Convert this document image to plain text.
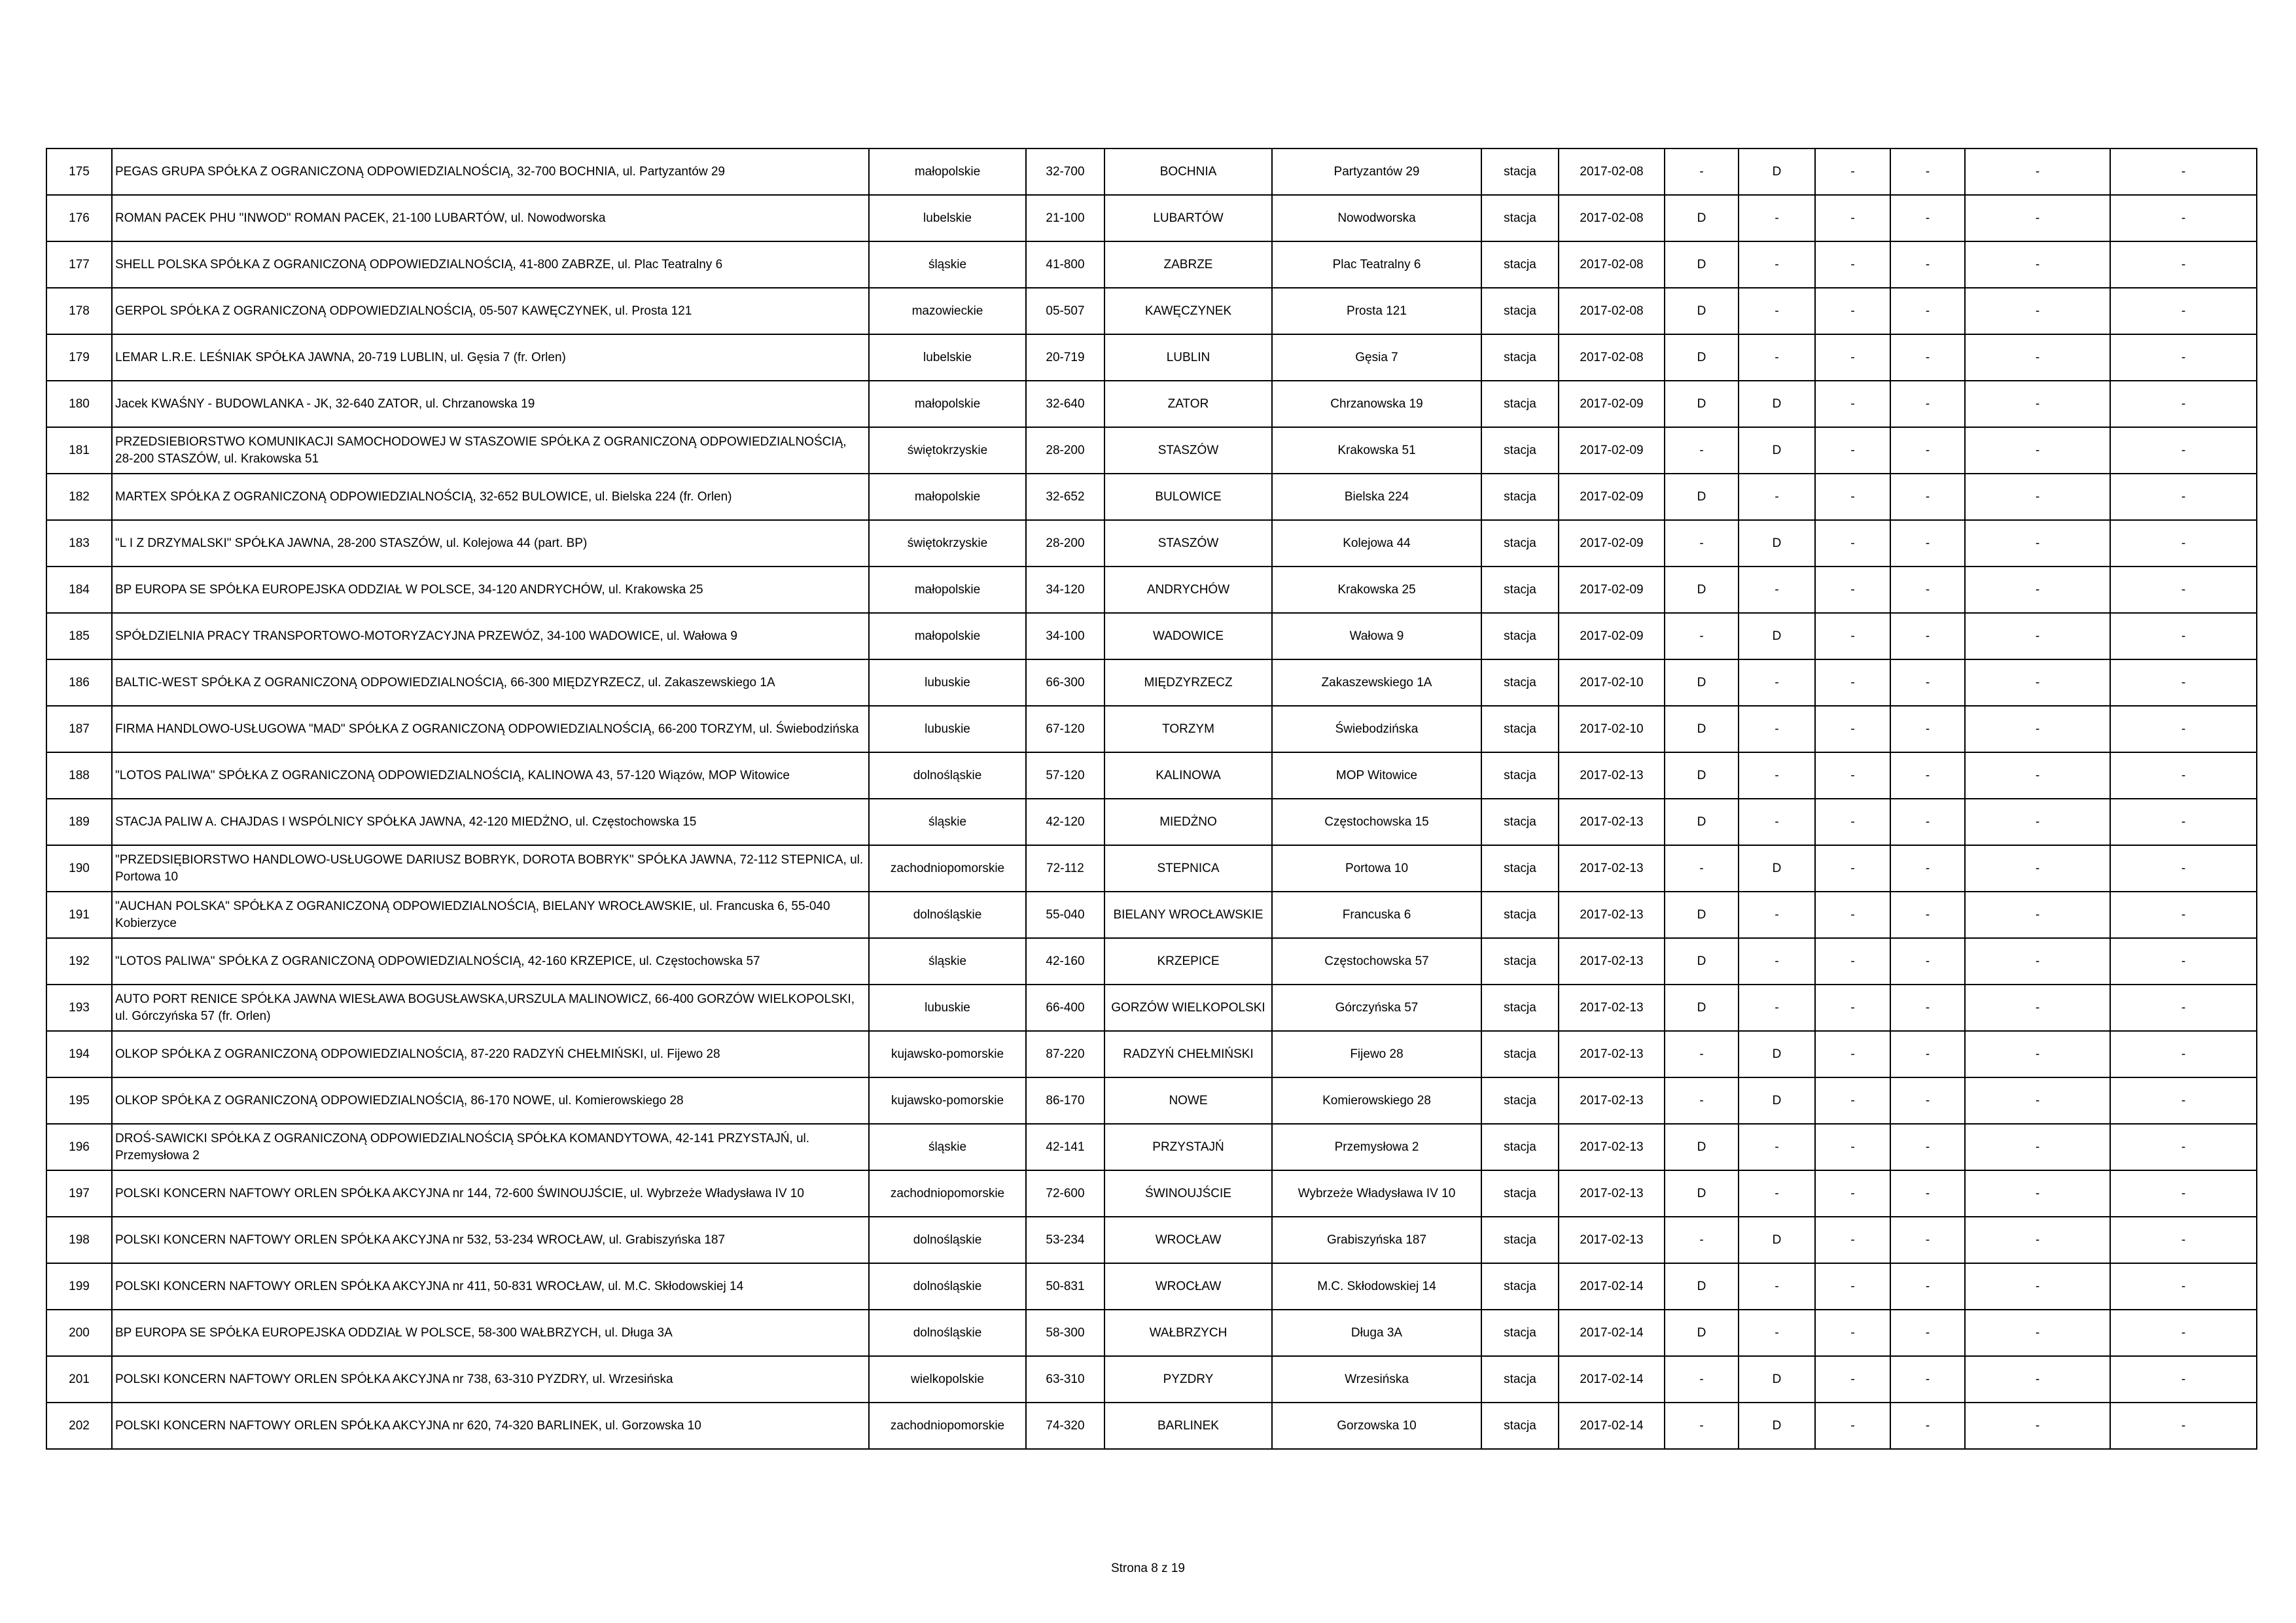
175	PEGAS GRUPA SPÓŁKA Z OGRANICZONĄ ODPOWIEDZIALNOŚCIĄ, 32-700 BOCHNIA, ul. Partyzantów 29	małopolskie	32-700	BOCHNIA	Partyzantów 29	stacja	2017-02-08	-	D	-	-	-	-
176	ROMAN PACEK PHU "INWOD" ROMAN PACEK, 21-100 LUBARTÓW, ul. Nowodworska	lubelskie	21-100	LUBARTÓW	Nowodworska	stacja	2017-02-08	D	-	-	-	-	-
177	SHELL POLSKA SPÓŁKA Z OGRANICZONĄ ODPOWIEDZIALNOŚCIĄ, 41-800 ZABRZE, ul. Plac Teatralny 6	śląskie	41-800	ZABRZE	Plac Teatralny 6	stacja	2017-02-08	D	-	-	-	-	-
178	GERPOL SPÓŁKA Z OGRANICZONĄ ODPOWIEDZIALNOŚCIĄ, 05-507 KAWĘCZYNEK, ul. Prosta 121	mazowieckie	05-507	KAWĘCZYNEK	Prosta 121	stacja	2017-02-08	D	-	-	-	-	-
179	LEMAR L.R.E. LEŚNIAK SPÓŁKA JAWNA, 20-719 LUBLIN, ul. Gęsia 7 (fr. Orlen)	lubelskie	20-719	LUBLIN	Gęsia 7	stacja	2017-02-08	D	-	-	-	-	-
180	Jacek KWAŚNY - BUDOWLANKA - JK, 32-640 ZATOR, ul. Chrzanowska 19	małopolskie	32-640	ZATOR	Chrzanowska 19	stacja	2017-02-09	D	D	-	-	-	-
181	PRZEDSIEBIORSTWO KOMUNIKACJI SAMOCHODOWEJ W STASZOWIE SPÓŁKA Z OGRANICZONĄ ODPOWIEDZIALNOŚCIĄ, 28-200 STASZÓW, ul. Krakowska 51	świętokrzyskie	28-200	STASZÓW	Krakowska 51	stacja	2017-02-09	-	D	-	-	-	-
182	MARTEX SPÓŁKA Z OGRANICZONĄ ODPOWIEDZIALNOŚCIĄ, 32-652 BULOWICE, ul. Bielska 224 (fr. Orlen)	małopolskie	32-652	BULOWICE	Bielska 224	stacja	2017-02-09	D	-	-	-	-	-
183	"L I Z DRZYMALSKI" SPÓŁKA JAWNA, 28-200 STASZÓW, ul. Kolejowa 44 (part. BP)	świętokrzyskie	28-200	STASZÓW	Kolejowa 44	stacja	2017-02-09	-	D	-	-	-	-
184	BP EUROPA SE SPÓŁKA EUROPEJSKA ODDZIAŁ W POLSCE, 34-120 ANDRYCHÓW, ul. Krakowska 25	małopolskie	34-120	ANDRYCHÓW	Krakowska 25	stacja	2017-02-09	D	-	-	-	-	-
185	SPÓŁDZIELNIA PRACY TRANSPORTOWO-MOTORYZACYJNA PRZEWÓZ, 34-100 WADOWICE, ul. Wałowa 9	małopolskie	34-100	WADOWICE	Wałowa 9	stacja	2017-02-09	-	D	-	-	-	-
186	BALTIC-WEST SPÓŁKA Z OGRANICZONĄ ODPOWIEDZIALNOŚCIĄ, 66-300 MIĘDZYRZECZ, ul. Zakaszewskiego 1A	lubuskie	66-300	MIĘDZYRZECZ	Zakaszewskiego 1A	stacja	2017-02-10	D	-	-	-	-	-
187	FIRMA HANDLOWO-USŁUGOWA "MAD" SPÓŁKA Z OGRANICZONĄ ODPOWIEDZIALNOŚCIĄ, 66-200 TORZYM, ul. Świebodzińska	lubuskie	67-120	TORZYM	Świebodzińska	stacja	2017-02-10	D	-	-	-	-	-
188	"LOTOS PALIWA" SPÓŁKA Z OGRANICZONĄ ODPOWIEDZIALNOŚCIĄ, KALINOWA 43, 57-120 Wiązów, MOP Witowice	dolnośląskie	57-120	KALINOWA	MOP Witowice	stacja	2017-02-13	D	-	-	-	-	-
189	STACJA PALIW A. CHAJDAS I WSPÓLNICY SPÓŁKA JAWNA, 42-120 MIEDŻNO, ul. Częstochowska 15	śląskie	42-120	MIEDŻNO	Częstochowska 15	stacja	2017-02-13	D	-	-	-	-	-
190	"PRZEDSIĘBIORSTWO HANDLOWO-USŁUGOWE DARIUSZ BOBRYK, DOROTA BOBRYK" SPÓŁKA JAWNA, 72-112 STEPNICA, ul. Portowa 10	zachodniopomorskie	72-112	STEPNICA	Portowa 10	stacja	2017-02-13	-	D	-	-	-	-
191	"AUCHAN POLSKA" SPÓŁKA Z OGRANICZONĄ ODPOWIEDZIALNOŚCIĄ, BIELANY WROCŁAWSKIE, ul. Francuska 6, 55-040 Kobierzyce	dolnośląskie	55-040	BIELANY WROCŁAWSKIE	Francuska 6	stacja	2017-02-13	D	-	-	-	-	-
192	"LOTOS PALIWA" SPÓŁKA Z OGRANICZONĄ ODPOWIEDZIALNOŚCIĄ, 42-160 KRZEPICE, ul. Częstochowska 57	śląskie	42-160	KRZEPICE	Częstochowska 57	stacja	2017-02-13	D	-	-	-	-	-
193	AUTO PORT RENICE SPÓŁKA JAWNA WIESŁAWA BOGUSŁAWSKA,URSZULA MALINOWICZ, 66-400 GORZÓW WIELKOPOLSKI, ul. Górczyńska 57 (fr. Orlen)	lubuskie	66-400	GORZÓW WIELKOPOLSKI	Górczyńska 57	stacja	2017-02-13	D	-	-	-	-	-
194	OLKOP SPÓŁKA Z OGRANICZONĄ ODPOWIEDZIALNOŚCIĄ, 87-220 RADZYŃ CHEŁMIŃSKI, ul. Fijewo 28	kujawsko-pomorskie	87-220	RADZYŃ CHEŁMIŃSKI	Fijewo 28	stacja	2017-02-13	-	D	-	-	-	-
195	OLKOP SPÓŁKA Z OGRANICZONĄ ODPOWIEDZIALNOŚCIĄ, 86-170 NOWE, ul. Komierowskiego 28	kujawsko-pomorskie	86-170	NOWE	Komierowskiego 28	stacja	2017-02-13	-	D	-	-	-	-
196	DROŚ-SAWICKI SPÓŁKA Z OGRANICZONĄ ODPOWIEDZIALNOŚCIĄ SPÓŁKA KOMANDYTOWA, 42-141 PRZYSTAJŃ, ul. Przemysłowa 2	śląskie	42-141	PRZYSTAJŃ	Przemysłowa 2	stacja	2017-02-13	D	-	-	-	-	-
197	POLSKI KONCERN NAFTOWY ORLEN SPÓŁKA AKCYJNA nr 144, 72-600 ŚWINOUJŚCIE, ul. Wybrzeże Władysława IV 10	zachodniopomorskie	72-600	ŚWINOUJŚCIE	Wybrzeże Władysława IV 10	stacja	2017-02-13	D	-	-	-	-	-
198	POLSKI KONCERN NAFTOWY ORLEN SPÓŁKA AKCYJNA nr 532, 53-234 WROCŁAW, ul. Grabiszyńska 187	dolnośląskie	53-234	WROCŁAW	Grabiszyńska 187	stacja	2017-02-13	-	D	-	-	-	-
199	POLSKI KONCERN NAFTOWY ORLEN SPÓŁKA AKCYJNA nr 411, 50-831 WROCŁAW, ul. M.C. Skłodowskiej 14	dolnośląskie	50-831	WROCŁAW	M.C. Skłodowskiej 14	stacja	2017-02-14	D	-	-	-	-	-
200	BP EUROPA SE SPÓŁKA EUROPEJSKA ODDZIAŁ W POLSCE, 58-300 WAŁBRZYCH, ul. Długa 3A	dolnośląskie	58-300	WAŁBRZYCH	Długa 3A	stacja	2017-02-14	D	-	-	-	-	-
201	POLSKI KONCERN NAFTOWY ORLEN SPÓŁKA AKCYJNA nr 738, 63-310 PYZDRY, ul. Wrzesińska	wielkopolskie	63-310	PYZDRY	Wrzesińska	stacja	2017-02-14	-	D	-	-	-	-
202	POLSKI KONCERN NAFTOWY ORLEN SPÓŁKA AKCYJNA nr 620, 74-320 BARLINEK, ul. Gorzowska 10	zachodniopomorskie	74-320	BARLINEK	Gorzowska 10	stacja	2017-02-14	-	D	-	-	-	-
Strona 8 z 19
